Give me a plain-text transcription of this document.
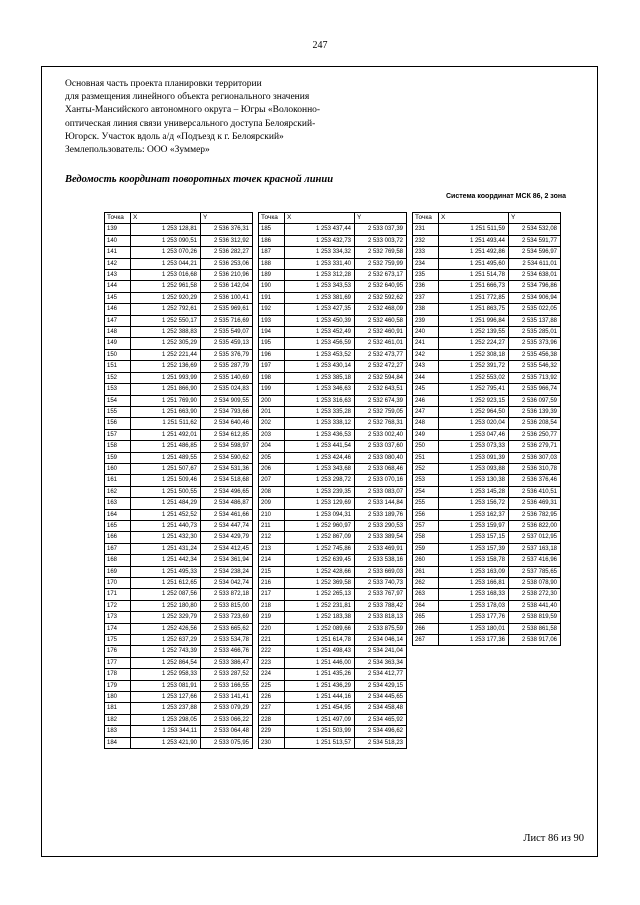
247
Основная часть проекта планировки территории
для размещения линейного объекта регионального значения
Ханты-Мансийского автономного округа – Югры «Волоконно-
оптическая линия связи универсального доступа Белоярский-
Югорск. Участок вдоль а/д «Подъезд к г. Белоярский»
Землепользователь: ООО «Зуммер»
Ведомость координат поворотных точек красной линии
Система координат МСК 86, 2 зона
Точка	X	Y
139	1 253 128,81	2 536 376,31
140	1 253 090,51	2 536 312,92
141	1 253 070,26	2 536 282,27
142	1 253 044,21	2 536 253,06
143	1 253 016,68	2 536 210,96
144	1 252 961,58	2 536 142,04
145	1 252 920,29	2 536 100,41
146	1 252 792,61	2 535 969,61
147	1 252 550,17	2 535 716,69
148	1 252 388,83	2 535 549,07
149	1 252 305,29	2 535 459,13
150	1 252 221,44	2 535 376,79
151	1 252 136,69	2 535 287,79
152	1 251 993,99	2 535 140,69
153	1 251 866,90	2 535 024,83
154	1 251 769,90	2 534 909,55
155	1 251 663,90	2 534 793,66
156	1 251 511,62	2 534 640,46
157	1 251 492,01	2 534 612,85
158	1 251 486,85	2 534 598,97
159	1 251 489,55	2 534 590,62
160	1 251 507,67	2 534 531,36
161	1 251 509,46	2 534 518,68
162	1 251 500,55	2 534 496,65
163	1 251 484,29	2 534 486,87
164	1 251 452,52	2 534 461,66
165	1 251 440,73	2 534 447,74
166	1 251 432,30	2 534 429,79
167	1 251 431,24	2 534 412,45
168	1 251 442,34	2 534 361,94
169	1 251 495,33	2 534 238,24
170	1 251 612,65	2 534 042,74
171	1 252 087,56	2 533 872,18
172	1 252 180,80	2 533 815,00
173	1 252 329,79	2 533 723,69
174	1 252 426,56	2 533 665,62
175	1 252 637,29	2 533 534,78
176	1 252 743,39	2 533 466,76
177	1 252 864,54	2 533 386,47
178	1 252 958,33	2 533 287,52
179	1 253 081,91	2 533 166,55
180	1 253 127,66	2 533 141,41
181	1 253 237,88	2 533 079,29
182	1 253 298,05	2 533 066,22
183	1 253 344,11	2 533 064,48
184	1 253 421,90	2 533 075,95
Точка	X	Y
185	1 253 437,44	2 533 037,39
186	1 253 432,73	2 533 003,72
187	1 253 334,32	2 532 769,58
188	1 253 331,40	2 532 759,99
189	1 253 312,28	2 532 673,17
190	1 253 343,53	2 532 640,95
191	1 253 381,69	2 532 592,62
192	1 253 427,35	2 532 468,09
193	1 253 450,39	2 532 460,58
194	1 253 452,49	2 532 460,91
195	1 253 456,59	2 532 461,01
196	1 253 453,52	2 532 473,77
197	1 253 430,14	2 532 472,27
198	1 253 385,18	2 532 594,84
199	1 253 346,63	2 532 643,51
200	1 253 316,63	2 532 674,39
201	1 253 335,28	2 532 759,05
202	1 253 338,12	2 532 768,31
203	1 253 436,53	2 533 002,40
204	1 253 441,54	2 533 037,60
205	1 253 424,46	2 533 080,40
206	1 253 343,68	2 533 068,46
207	1 253 298,72	2 533 070,16
208	1 253 239,35	2 533 083,07
209	1 253 129,69	2 533 144,84
210	1 253 094,31	2 533 189,76
211	1 252 960,97	2 533 290,53
212	1 252 867,09	2 533 389,54
213	1 252 745,86	2 533 469,91
214	1 252 639,45	2 533 538,16
215	1 252 428,66	2 533 669,03
216	1 252 369,58	2 533 740,73
217	1 252 265,13	2 533 767,97
218	1 252 231,81	2 533 788,42
219	1 252 183,38	2 533 818,13
220	1 252 089,66	2 533 875,59
221	1 251 614,78	2 534 046,14
222	1 251 498,43	2 534 241,04
223	1 251 446,00	2 534 363,34
224	1 251 435,26	2 534 412,77
225	1 251 436,29	2 534 429,15
226	1 251 444,16	2 534 445,65
227	1 251 454,95	2 534 458,48
228	1 251 497,09	2 534 465,92
229	1 251 503,99	2 534 496,62
230	1 251 513,57	2 534 518,23
Точка	X	Y
231	1 251 511,59	2 534 532,08
232	1 251 493,44	2 534 591,77
233	1 251 492,86	2 534 596,97
234	1 251 495,60	2 534 611,01
235	1 251 514,78	2 534 638,01
236	1 251 666,73	2 534 796,86
237	1 251 772,85	2 534 906,94
238	1 251 863,75	2 535 022,05
239	1 251 996,84	2 535 137,88
240	1 252 139,55	2 535 285,01
241	1 252 224,27	2 535 373,96
242	1 252 308,18	2 535 456,38
243	1 252 391,72	2 535 546,32
244	1 252 553,02	2 535 713,92
245	1 252 795,41	2 535 966,74
246	1 252 923,15	2 536 097,59
247	1 252 964,50	2 536 139,39
248	1 253 020,04	2 536 208,54
249	1 253 047,46	2 536 250,77
250	1 253 073,33	2 536 279,71
251	1 253 091,39	2 536 307,03
252	1 253 093,88	2 536 310,78
253	1 253 130,38	2 536 376,46
254	1 253 145,28	2 536 410,51
255	1 253 156,72	2 536 469,31
256	1 253 162,37	2 536 782,95
257	1 253 159,97	2 536 822,00
258	1 253 157,15	2 537 012,95
259	1 253 157,39	2 537 163,18
260	1 253 158,78	2 537 416,96
261	1 253 163,09	2 537 785,65
262	1 253 166,81	2 538 078,90
263	1 253 168,33	2 538 272,30
264	1 253 178,03	2 538 441,40
265	1 253 177,76	2 538 819,59
266	1 253 180,01	2 538 861,58
267	1 253 177,36	2 538 917,06
Лист 86 из 90
